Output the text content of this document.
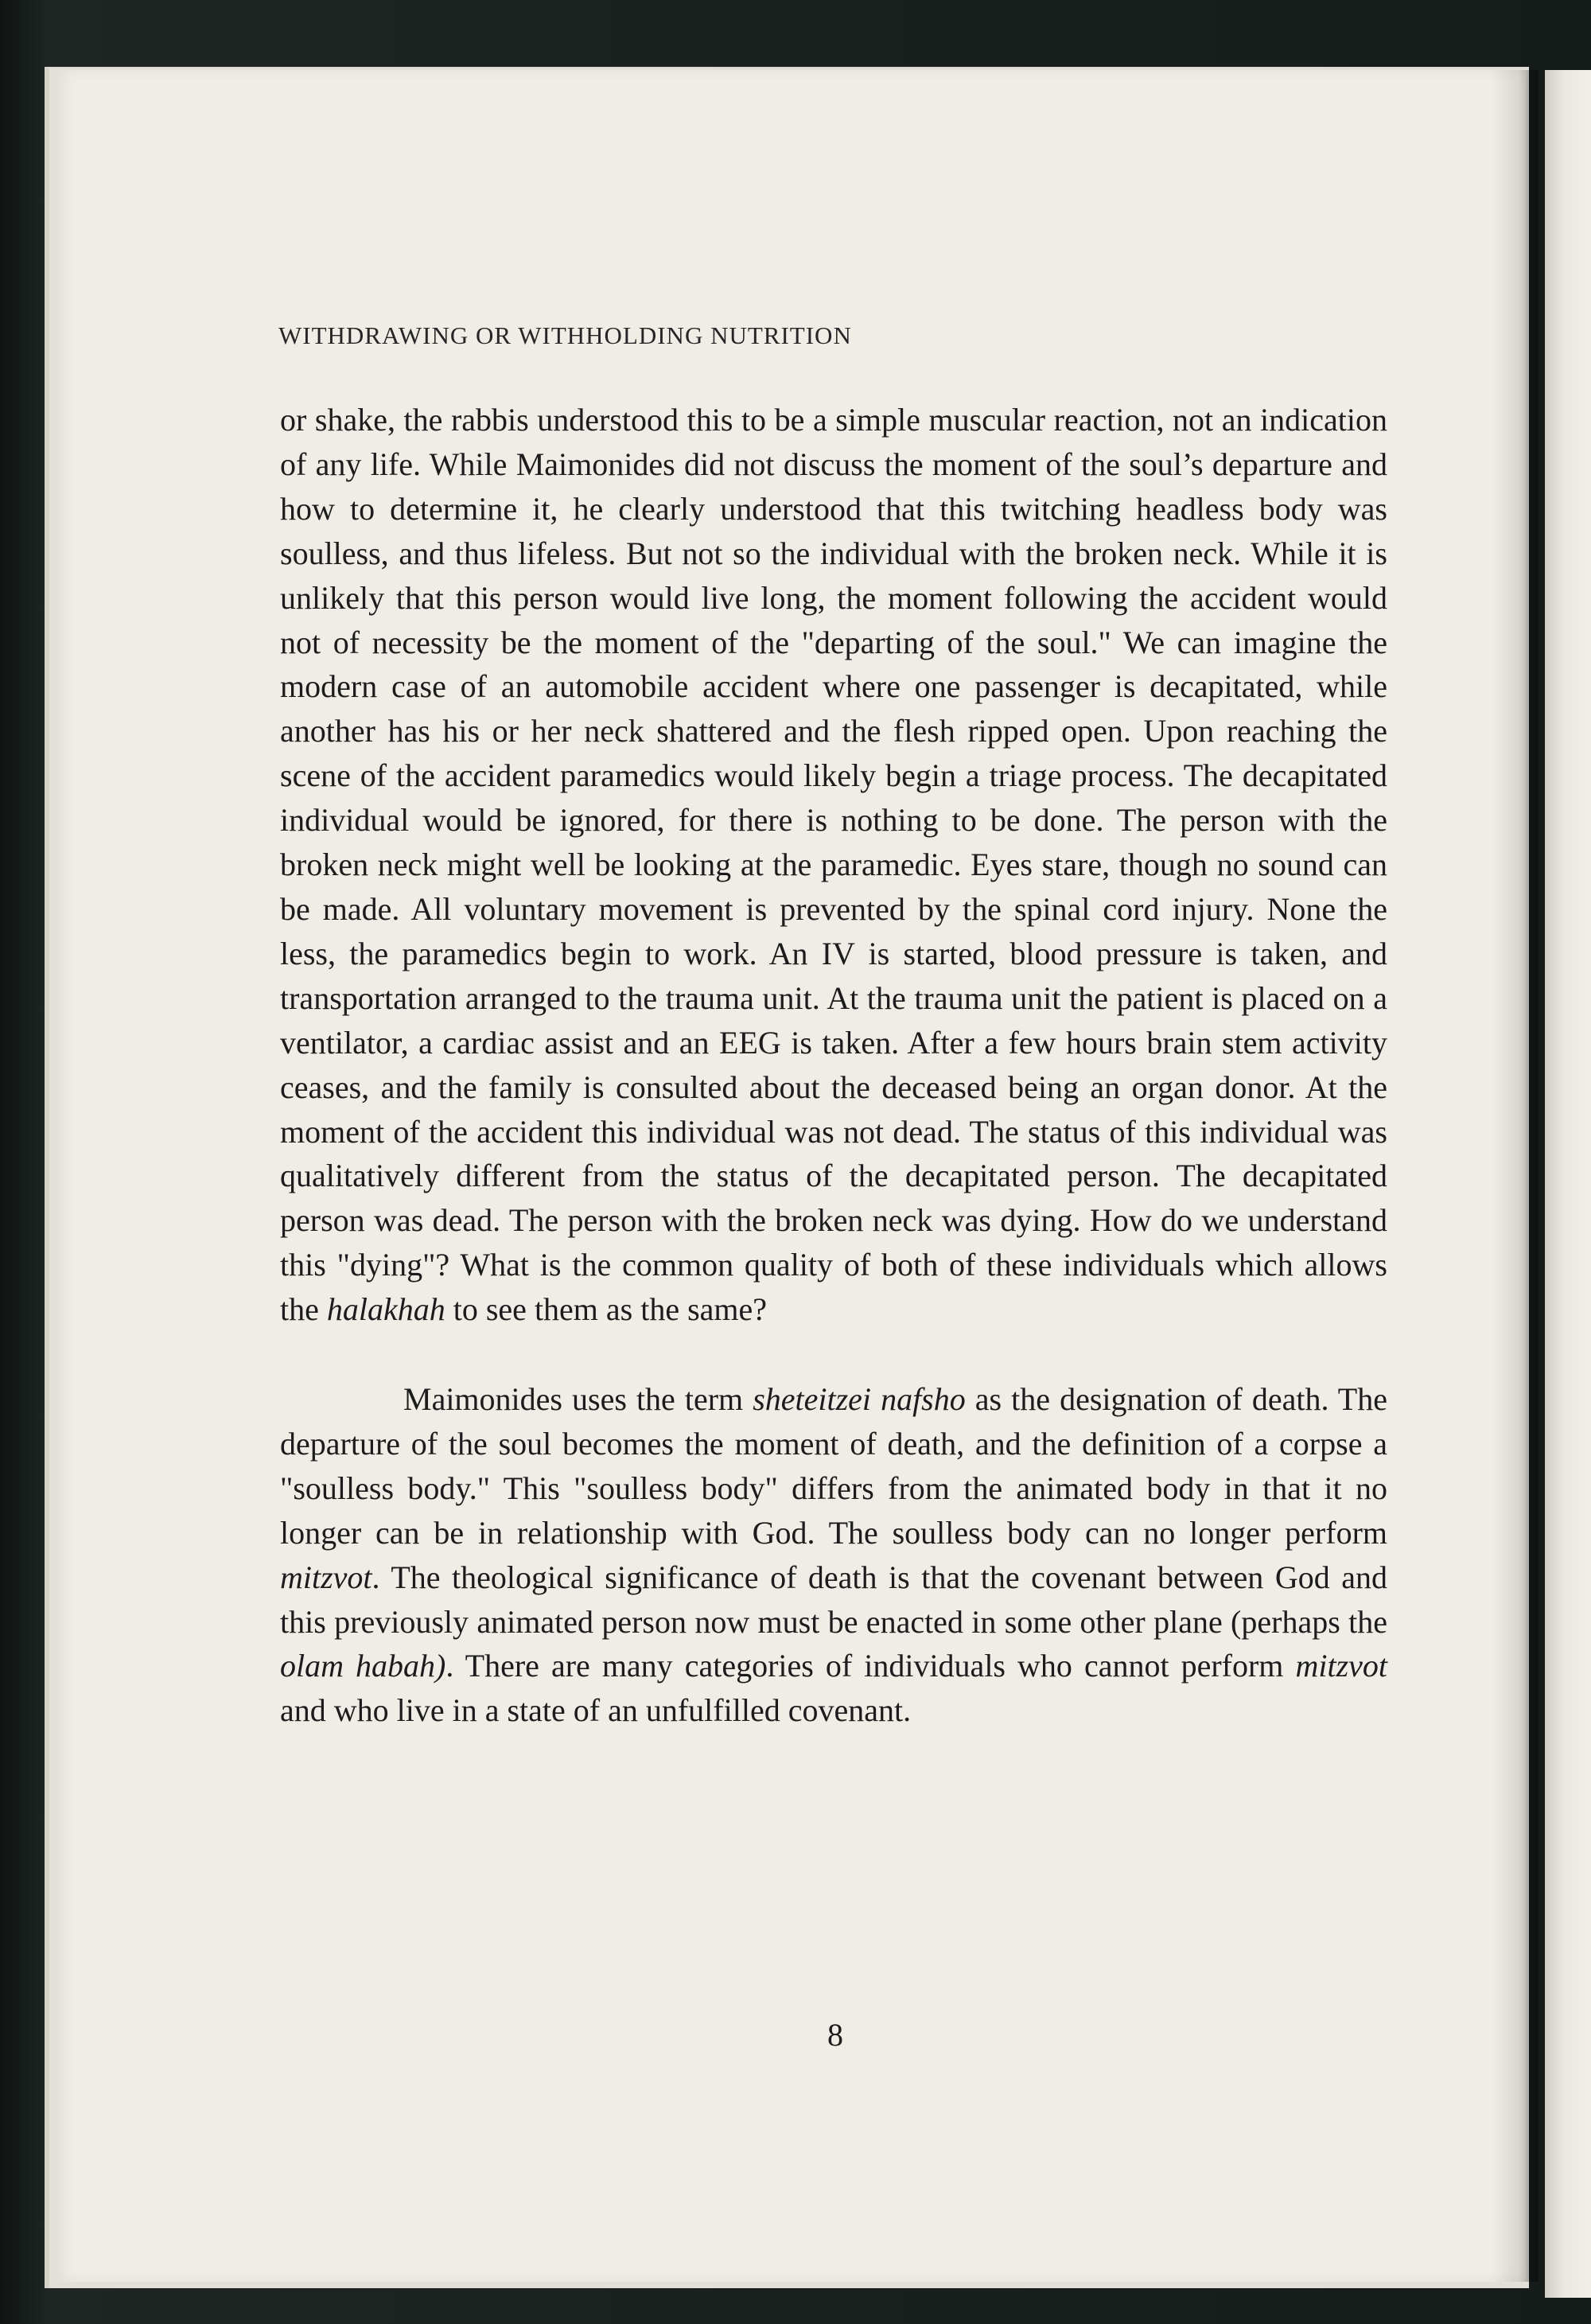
WITHDRAWING OR WITHHOLDING NUTRITION

or shake, the rabbis understood this to be a simple muscular reaction, not an indication of any life. While Maimonides did not discuss the moment of the soul’s departure and how to determine it, he clearly understood that this twitching headless body was soulless, and thus lifeless. But not so the individual with the broken neck. While it is unlikely that this person would live long, the moment following the accident would not of necessity be the moment of the "departing of the soul." We can imagine the modern case of an automobile accident where one passenger is decapitated, while another has his or her neck shattered and the flesh ripped open. Upon reaching the scene of the accident paramedics would likely begin a triage process. The decapitated individual would be ignored, for there is nothing to be done. The person with the broken neck might well be looking at the paramedic. Eyes stare, though no sound can be made. All voluntary movement is prevented by the spinal cord injury. None the less, the paramedics begin to work. An IV is started, blood pressure is taken, and transportation arranged to the trauma unit. At the trauma unit the patient is placed on a ventilator, a cardiac assist and an EEG is taken. After a few hours brain stem activity ceases, and the family is consulted about the deceased being an organ donor. At the moment of the accident this individual was not dead. The status of this individual was qualitatively different from the status of the decapitated person. The decapitated person was dead. The person with the broken neck was dying. How do we understand this "dying"? What is the common quality of both of these individuals which allows the halakhah to see them as the same?

Maimonides uses the term sheteitzei nafsho as the designation of death. The departure of the soul becomes the moment of death, and the definition of a corpse a "soulless body." This "soulless body" differs from the animated body in that it no longer can be in relationship with God. The soulless body can no longer perform mitzvot. The theological significance of death is that the covenant between God and this previously animated person now must be enacted in some other plane (perhaps the olam habah). There are many categories of individuals who cannot perform mitzvot and who live in a state of an unfulfilled covenant.

8
